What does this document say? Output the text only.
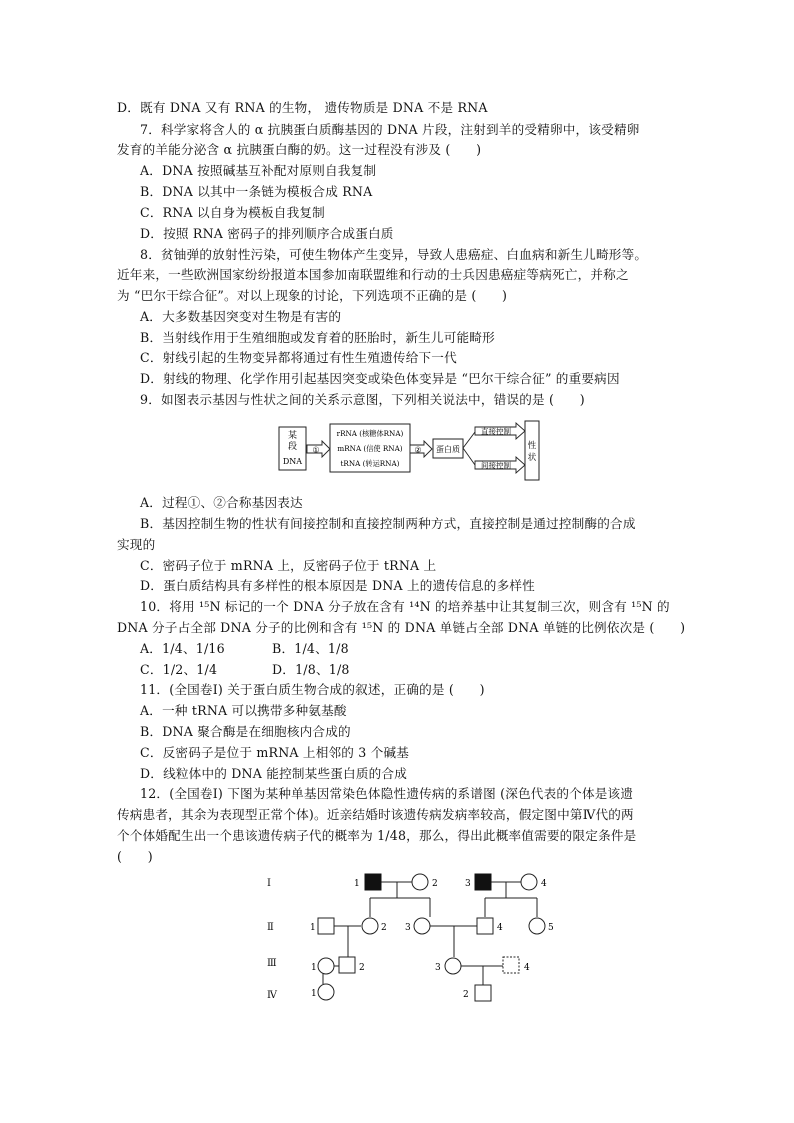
D．既有 DNA 又有 RNA 的生物， 遗传物质是 DNA 不是 RNA
7．科学家将含人的 α 抗胰蛋白质酶基因的 DNA 片段，注射到羊的受精卵中，该受精卵
发育的羊能分泌含 α 抗胰蛋白酶的奶。这一过程没有涉及 (　　)
A．DNA 按照碱基互补配对原则自我复制
B．DNA 以其中一条链为模板合成 RNA
C．RNA 以自身为模板自我复制
D．按照 RNA 密码子的排列顺序合成蛋白质
8．贫铀弹的放射性污染，可使生物体产生变异，导致人患癌症、白血病和新生儿畸形等。
近年来，一些欧洲国家纷纷报道本国参加南联盟维和行动的士兵因患癌症等病死亡，并称之
为 “巴尔干综合征”。对以上现象的讨论，下列选项不正确的是 (　　)
A．大多数基因突变对生物是有害的
B．当射线作用于生殖细胞或发育着的胚胎时，新生儿可能畸形
C．射线引起的生物变异都将通过有性生殖遗传给下一代
D．射线的物理、化学作用引起基因突变或染色体变异是 “巴尔干综合征” 的重要病因
9．如图表示基因与性状之间的关系示意图，下列相关说法中，错误的是 (　　)
某
段
DNA
①
rRNA (核糖体RNA)
mRNA (信使 RNA)
tRNA (转运RNA)
② 蛋白质
直接控制
间接控制
性
状
A．过程①、②合称基因表达
B．基因控制生物的性状有间接控制和直接控制两种方式，直接控制是通过控制酶的合成
实现的
C．密码子位于 mRNA 上，反密码子位于 tRNA 上
D．蛋白质结构具有多样性的根本原因是 DNA 上的遗传信息的多样性
10．将用 ¹⁵N 标记的一个 DNA 分子放在含有 ¹⁴N 的培养基中让其复制三次，则含有 ¹⁵N 的
DNA 分子占全部 DNA 分子的比例和含有 ¹⁵N 的 DNA 单链占全部 DNA 单链的比例依次是 (　　)
A．1/4、1/16	B．1/4、1/8
C．1/2、1/4	D．1/8、1/8
11．(全国卷Ⅰ) 关于蛋白质生物合成的叙述，正确的是 (　　)
A．一种 tRNA 可以携带多种氨基酸
B．DNA 聚合酶是在细胞核内合成的
C．反密码子是位于 mRNA 上相邻的 3 个碱基
D．线粒体中的 DNA 能控制某些蛋白质的合成
12．(全国卷Ⅰ) 下图为某种单基因常染色体隐性遗传病的系谱图 (深色代表的个体是该遗
传病患者，其余为表现型正常个体)。近亲结婚时该遗传病发病率较高，假定图中第Ⅳ代的两
个个体婚配生出一个患该遗传病子代的概率为 1/48，那么，得出此概率值需要的限定条件是
(　　)
Ⅰ
Ⅱ
Ⅲ
Ⅳ
1	2	3	4
1	2 3	4	5
1	2	3	4
1	2
